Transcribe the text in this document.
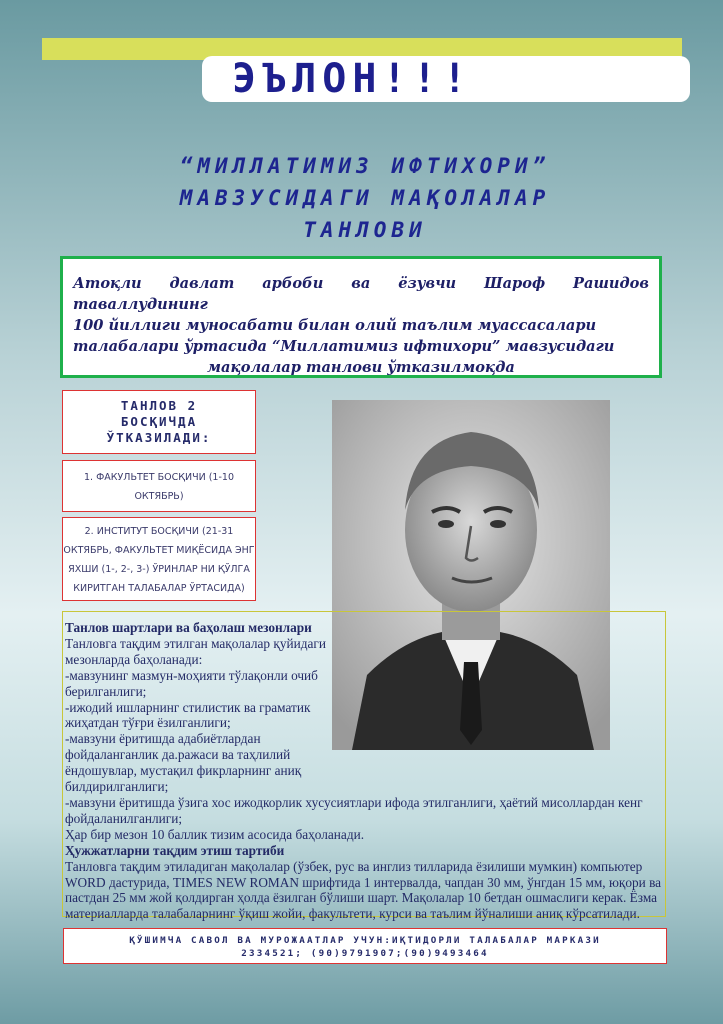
ЭЪЛОН!!!
“МИЛЛАТИМИЗ ИФТИХОРИ”
МАВЗУСИДАГИ МАҚОЛАЛАР
ТАНЛОВИ
Атоқли давлат арбоби ва ёзувчи Шароф Рашидов таваллудининг
100 йиллиги муносабати билан олий таълим муассасалари
талабалари ўртасида “Миллатимиз ифтихори” мавзусидаги
мақолалар танлови ўтказилмоқда
ТАНЛОВ 2
БОСҚИЧДА
ЎТКАЗИЛАДИ:
1. ФАКУЛЬТЕТ БОСҚИЧИ (1-10
ОКТЯБРЬ)
2. ИНСТИТУТ БОСҚИЧИ (21-31
ОКТЯБРЬ, ФАКУЛЬТЕТ МИҚЁСИДА ЭНГ
ЯХШИ (1-, 2-, 3-) ЎРИНЛАР НИ ҚЎЛГА
КИРИТГАН ТАЛАБАЛАР ЎРТАСИДА)
Танлов шартлари ва баҳолаш мезонлари
Танловга тақдим этилган мақолалар қуйидаги
мезонларда баҳоланади:
-мавзунинг мазмун-моҳияти тўлақонли очиб
берилганлиги;
-ижодий ишларнинг стилистик ва граматик
жиҳатдан тўғри ёзилганлиги;
-мавзуни ёритишда адабиётлардан
фойдаланганлик да.ражаси ва таҳлилий
ёндошувлар, мустақил фикрларнинг аниқ
билдирилганлиги;
-мавзуни ёритишда ўзига хос ижодкорлик хусусиятлари ифода этилганлиги, ҳаётий мисоллардан кенг фойдаланилганлиги;
Ҳар бир мезон 10 баллик тизим асосида баҳоланади.
Ҳужжатларни тақдим этиш тартиби
Танловга тақдим этиладиган мақолалар (ўзбек, рус ва инглиз тилларида ёзилиши мумкин) компьютер WORD дастурида, TIMES NEW ROMAN шрифтида 1 интервалда, чапдан 30 мм, ўнгдан 15 мм, юқори ва пастдан 25 мм жой қолдирган ҳолда ёзилган бўлиши шарт. Мақолалар 10 бетдан ошмаслиги керак. Ёзма материалларда талабаларнинг ўқиш жойи, факультети, курси ва таълим йўналиши аниқ кўрсатилади.
ҚЎШИМЧА САВОЛ ВА МУРОЖААТЛАР УЧУН:ИҚТИДОРЛИ ТАЛАБАЛАР МАРКАЗИ
2334521; (90)9791907;(90)9493464
